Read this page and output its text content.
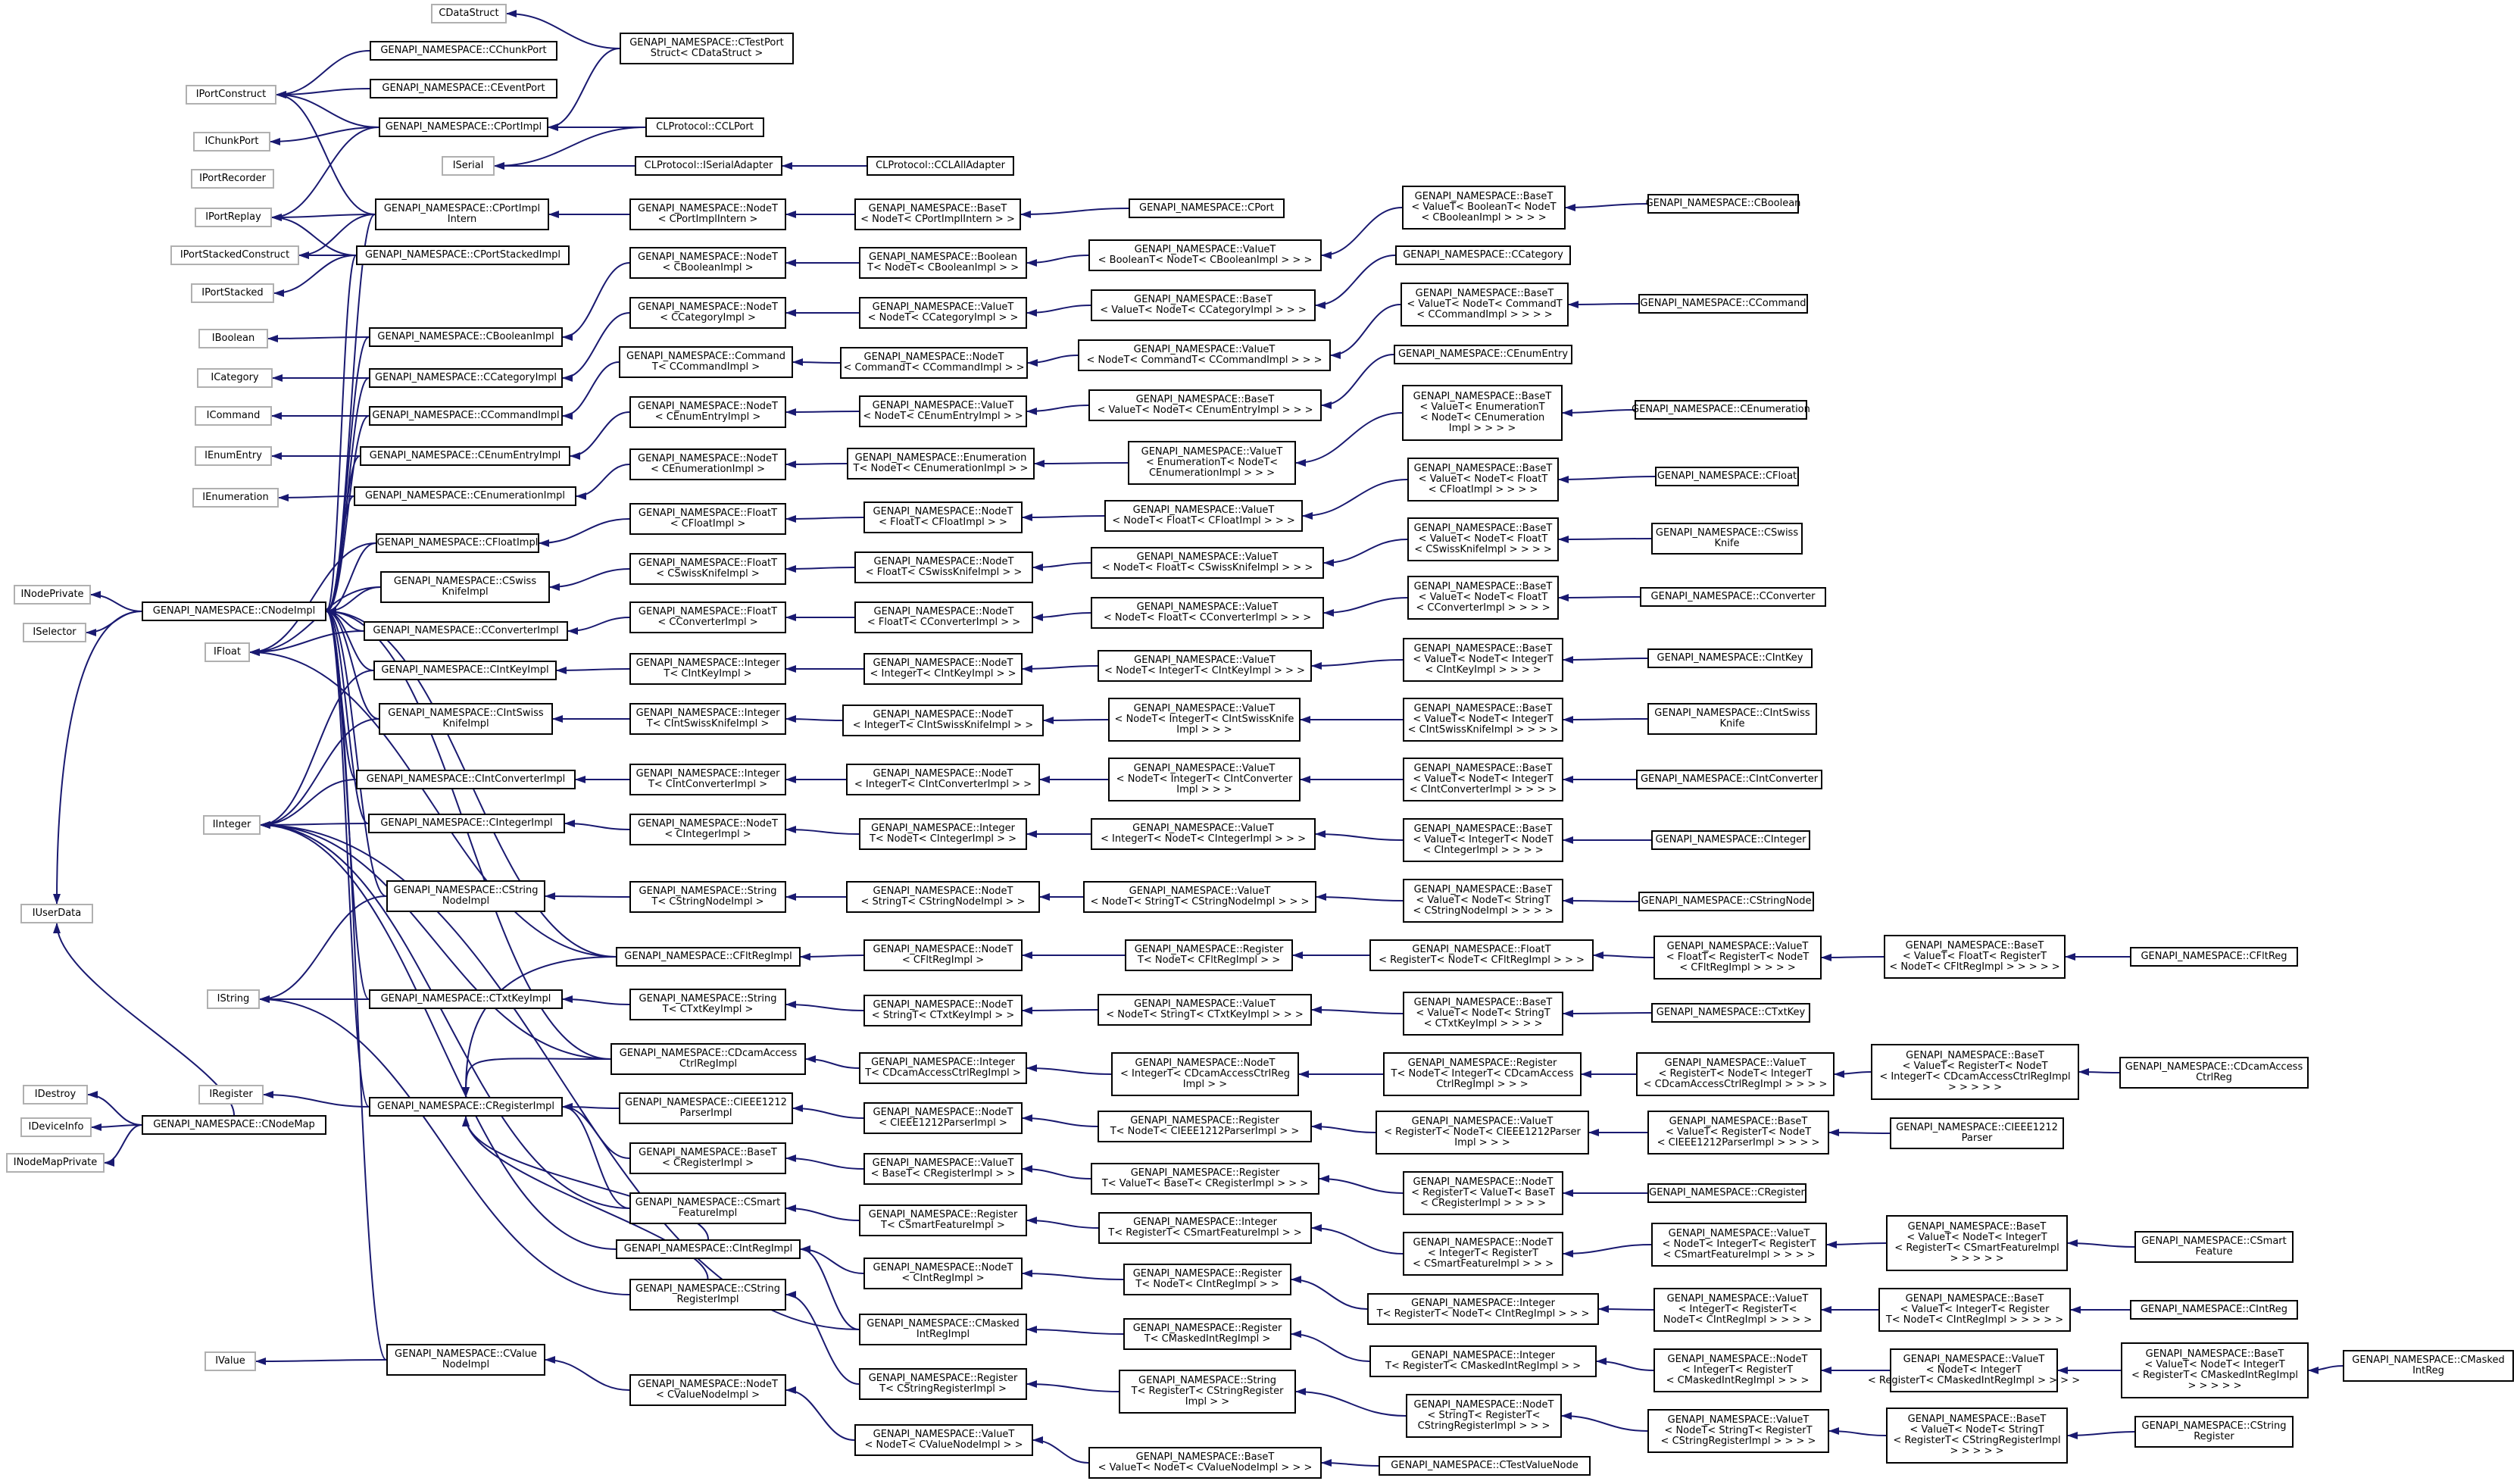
CDataStruct
GENAPI_NAMESPACE::CTestPort
Struct< CDataStruct >
GENAPI_NAMESPACE::CChunkPort
GENAPI_NAMESPACE::CEventPort
GENAPI_NAMESPACE::CPortImpl
IPortConstruct
CLProtocol::CCLPort
ISerial	CLProtocol::ISerialAdapter	CLProtocol::CCLAllAdapter
IChunkPort
IPortRecorder
IPortReplay
GENAPI_NAMESPACE::CPortImpl
Intern
IPortStackedConstruct	GENAPI_NAMESPACE::CPortStackedImpl
IPortStacked
GENAPI_NAMESPACE::NodeT
< CPortImplIntern >
GENAPI_NAMESPACE::BaseT
< NodeT< CPortImplIntern > >
GENAPI_NAMESPACE::CPort
GENAPI_NAMESPACE::BaseT
< ValueT< BooleanT< NodeT
< CBooleanImpl > > > >
GENAPI_NAMESPACE::CBoolean
GENAPI_NAMESPACE::NodeT
< CBooleanImpl >
GENAPI_NAMESPACE::Boolean
T< NodeT< CBooleanImpl > >
GENAPI_NAMESPACE::ValueT
< BooleanT< NodeT< CBooleanImpl > > >	GENAPI_NAMESPACE::CCategory
IBoolean	GENAPI_NAMESPACE::CBooleanImpl
GENAPI_NAMESPACE::NodeT
< CCategoryImpl >
GENAPI_NAMESPACE::ValueT
< NodeT< CCategoryImpl > >
GENAPI_NAMESPACE::BaseT
< ValueT< NodeT< CCategoryImpl > > >
GENAPI_NAMESPACE::BaseT
< ValueT< NodeT< CommandT
< CCommandImpl > > > >
GENAPI_NAMESPACE::CCommand
ICategory	GENAPI_NAMESPACE::CCategoryImpl
GENAPI_NAMESPACE::Command
T< CCommandImpl >
GENAPI_NAMESPACE::NodeT
< CommandT< CCommandImpl > >
GENAPI_NAMESPACE::ValueT
< NodeT< CommandT< CCommandImpl > > >
GENAPI_NAMESPACE::CEnumEntry
ICommand	GENAPI_NAMESPACE::CCommandImpl
GENAPI_NAMESPACE::NodeT
< CEnumEntryImpl >
GENAPI_NAMESPACE::ValueT
< NodeT< CEnumEntryImpl > >
GENAPI_NAMESPACE::BaseT
< ValueT< NodeT< CEnumEntryImpl > > >
GENAPI_NAMESPACE::BaseT
< ValueT< EnumerationT
< NodeT< CEnumeration
Impl > > > >
GENAPI_NAMESPACE::CEnumeration
IEnumEntry	GENAPI_NAMESPACE::CEnumEntryImpl	GENAPI_NAMESPACE::NodeT
< CEnumerationImpl >
GENAPI_NAMESPACE::Enumeration
T< NodeT< CEnumerationImpl > >
GENAPI_NAMESPACE::ValueT
< EnumerationT< NodeT<
CEnumerationImpl > > >
IEnumeration	GENAPI_NAMESPACE::CEnumerationImpl
GENAPI_NAMESPACE::BaseT
< ValueT< NodeT< FloatT
< CFloatImpl > > > >
GENAPI_NAMESPACE::CFloat
GENAPI_NAMESPACE::CFloatImpl
GENAPI_NAMESPACE::FloatT
< CFloatImpl >
GENAPI_NAMESPACE::NodeT
< FloatT< CFloatImpl > >
GENAPI_NAMESPACE::ValueT
< NodeT< FloatT< CFloatImpl > > >
GENAPI_NAMESPACE::BaseT
< ValueT< NodeT< FloatT
< CSwissKnifeImpl > > > >
GENAPI_NAMESPACE::CSwiss
Knife
INodePrivate
GENAPI_NAMESPACE::CSwiss
KnifeImpl
GENAPI_NAMESPACE::FloatT
< CSwissKnifeImpl >
GENAPI_NAMESPACE::NodeT
< FloatT< CSwissKnifeImpl > >
GENAPI_NAMESPACE::ValueT
< NodeT< FloatT< CSwissKnifeImpl > > >
GENAPI_NAMESPACE::CNodeImpl
GENAPI_NAMESPACE::BaseT
< ValueT< NodeT< FloatT
< CConverterImpl > > > >
GENAPI_NAMESPACE::CConverter
ISelector	GENAPI_NAMESPACE::CConverterImpl
GENAPI_NAMESPACE::FloatT
< CConverterImpl >
GENAPI_NAMESPACE::NodeT
< FloatT< CConverterImpl > >
GENAPI_NAMESPACE::ValueT
< NodeT< FloatT< CConverterImpl > > >
IFloat	GENAPI_NAMESPACE::BaseT
< ValueT< NodeT< IntegerT
< CIntKeyImpl > > > >
GENAPI_NAMESPACE::CIntKey
GENAPI_NAMESPACE::CIntKeyImpl
GENAPI_NAMESPACE::Integer
T< CIntKeyImpl >
GENAPI_NAMESPACE::NodeT
< IntegerT< CIntKeyImpl > >
GENAPI_NAMESPACE::ValueT
< NodeT< IntegerT< CIntKeyImpl > > >
GENAPI_NAMESPACE::CIntSwiss
KnifeImpl
GENAPI_NAMESPACE::Integer
T< CIntSwissKnifeImpl >
GENAPI_NAMESPACE::NodeT
< IntegerT< CIntSwissKnifeImpl > >
GENAPI_NAMESPACE::ValueT
< NodeT< IntegerT< CIntSwissKnife
Impl > > >
GENAPI_NAMESPACE::BaseT
< ValueT< NodeT< IntegerT
< CIntSwissKnifeImpl > > > >
GENAPI_NAMESPACE::CIntSwiss
Knife
GENAPI_NAMESPACE::CIntConverterImpl	GENAPI_NAMESPACE::Integer
T< CIntConverterImpl >
GENAPI_NAMESPACE::NodeT
< IntegerT< CIntConverterImpl > >
GENAPI_NAMESPACE::ValueT
< NodeT< IntegerT< CIntConverter
Impl > > >
GENAPI_NAMESPACE::BaseT
< ValueT< NodeT< IntegerT
< CIntConverterImpl > > > >
GENAPI_NAMESPACE::CIntConverter
IInteger	GENAPI_NAMESPACE::CIntegerImpl	GENAPI_NAMESPACE::NodeT
< CIntegerImpl >
GENAPI_NAMESPACE::Integer
T< NodeT< CIntegerImpl > >
GENAPI_NAMESPACE::ValueT
< IntegerT< NodeT< CIntegerImpl > > >
GENAPI_NAMESPACE::BaseT
< ValueT< IntegerT< NodeT
< CIntegerImpl > > > >
GENAPI_NAMESPACE::CInteger
GENAPI_NAMESPACE::CString
NodeImpl
GENAPI_NAMESPACE::String
T< CStringNodeImpl >
GENAPI_NAMESPACE::NodeT
< StringT< CStringNodeImpl > >
GENAPI_NAMESPACE::ValueT
< NodeT< StringT< CStringNodeImpl > > >
GENAPI_NAMESPACE::BaseT
< ValueT< NodeT< StringT
< CStringNodeImpl > > > >
GENAPI_NAMESPACE::CStringNode
IUserData
GENAPI_NAMESPACE::CFltRegImpl
GENAPI_NAMESPACE::NodeT
< CFltRegImpl >
GENAPI_NAMESPACE::Register
T< NodeT< CFltRegImpl > >
GENAPI_NAMESPACE::FloatT
< RegisterT< NodeT< CFltRegImpl > > >
GENAPI_NAMESPACE::ValueT
< FloatT< RegisterT< NodeT
< CFltRegImpl > > > >
GENAPI_NAMESPACE::BaseT
< ValueT< FloatT< RegisterT
< NodeT< CFltRegImpl > > > > >
GENAPI_NAMESPACE::CFltReg
IString	GENAPI_NAMESPACE::CTxtKeyImpl	GENAPI_NAMESPACE::String
T< CTxtKeyImpl >	GENAPI_NAMESPACE::NodeT
< StringT< CTxtKeyImpl > >
GENAPI_NAMESPACE::ValueT
< NodeT< StringT< CTxtKeyImpl > > >
GENAPI_NAMESPACE::BaseT
< ValueT< NodeT< StringT
< CTxtKeyImpl > > > >
GENAPI_NAMESPACE::CTxtKey
GENAPI_NAMESPACE::CDcamAccess
CtrlRegImpl	GENAPI_NAMESPACE::Integer
T< CDcamAccessCtrlRegImpl >
GENAPI_NAMESPACE::NodeT
< IntegerT< CDcamAccessCtrlReg
Impl > >
GENAPI_NAMESPACE::Register
T< NodeT< IntegerT< CDcamAccess
CtrlRegImpl > > >
GENAPI_NAMESPACE::ValueT
< RegisterT< NodeT< IntegerT
< CDcamAccessCtrlRegImpl > > > >
GENAPI_NAMESPACE::BaseT
< ValueT< RegisterT< NodeT
< IntegerT< CDcamAccessCtrlRegImpl
> > > > >
GENAPI_NAMESPACE::CDcamAccess
CtrlReg
IDestroy	IRegister
GENAPI_NAMESPACE::CRegisterImpl	GENAPI_NAMESPACE::CIEEE1212
ParserImpl	GENAPI_NAMESPACE::NodeT
< CIEEE1212ParserImpl >	GENAPI_NAMESPACE::Register
T< NodeT< CIEEE1212ParserImpl > >
GENAPI_NAMESPACE::ValueT
< RegisterT< NodeT< CIEEE1212Parser
Impl > > >
GENAPI_NAMESPACE::BaseT
< ValueT< RegisterT< NodeT
< CIEEE1212ParserImpl > > > >
GENAPI_NAMESPACE::CIEEE1212
Parser
IDeviceInfo	GENAPI_NAMESPACE::CNodeMap
INodeMapPrivate
GENAPI_NAMESPACE::BaseT
< CRegisterImpl >	GENAPI_NAMESPACE::ValueT
< BaseT< CRegisterImpl > >	GENAPI_NAMESPACE::Register
T< ValueT< BaseT< CRegisterImpl > > >	GENAPI_NAMESPACE::NodeT
< RegisterT< ValueT< BaseT
< CRegisterImpl > > > >
GENAPI_NAMESPACE::CRegister
GENAPI_NAMESPACE::CSmart
FeatureImpl	GENAPI_NAMESPACE::Register
T< CSmartFeatureImpl >	GENAPI_NAMESPACE::Integer
T< RegisterT< CSmartFeatureImpl > >
GENAPI_NAMESPACE::NodeT
< IntegerT< RegisterT
< CSmartFeatureImpl > > >
GENAPI_NAMESPACE::ValueT
< NodeT< IntegerT< RegisterT
< CSmartFeatureImpl > > > >
GENAPI_NAMESPACE::BaseT
< ValueT< NodeT< IntegerT
< RegisterT< CSmartFeatureImpl
> > > > >
GENAPI_NAMESPACE::CSmart
Feature
GENAPI_NAMESPACE::CIntRegImpl
GENAPI_NAMESPACE::NodeT
< CIntRegImpl >	GENAPI_NAMESPACE::Register
T< NodeT< CIntRegImpl > >
GENAPI_NAMESPACE::Integer
T< RegisterT< NodeT< CIntRegImpl > > >
GENAPI_NAMESPACE::ValueT
< IntegerT< RegisterT<
NodeT< CIntRegImpl > > > >
GENAPI_NAMESPACE::BaseT
< ValueT< IntegerT< Register
T< NodeT< CIntRegImpl > > > > >
GENAPI_NAMESPACE::CIntReg
GENAPI_NAMESPACE::CString
RegisterImpl
GENAPI_NAMESPACE::CMasked
IntRegImpl
GENAPI_NAMESPACE::Register
T< CMaskedIntRegImpl >
GENAPI_NAMESPACE::Integer
T< RegisterT< CMaskedIntRegImpl > >
GENAPI_NAMESPACE::NodeT
< IntegerT< RegisterT
< CMaskedIntRegImpl > > >
GENAPI_NAMESPACE::ValueT
< NodeT< IntegerT
< RegisterT< CMaskedIntRegImpl > > > >
GENAPI_NAMESPACE::BaseT
< ValueT< NodeT< IntegerT
< RegisterT< CMaskedIntRegImpl
> > > > >
GENAPI_NAMESPACE::CMasked
IntReg
IValue
GENAPI_NAMESPACE::CValue
NodeImpl
GENAPI_NAMESPACE::NodeT
< CValueNodeImpl >
GENAPI_NAMESPACE::Register
T< CStringRegisterImpl >
GENAPI_NAMESPACE::String
T< RegisterT< CStringRegister
Impl > >	GENAPI_NAMESPACE::NodeT
< StringT< RegisterT<
CStringRegisterImpl > > >
GENAPI_NAMESPACE::ValueT
< NodeT< StringT< RegisterT
< CStringRegisterImpl > > > >
GENAPI_NAMESPACE::BaseT
< ValueT< NodeT< StringT
< RegisterT< CStringRegisterImpl
> > > > >
GENAPI_NAMESPACE::CString
Register
GENAPI_NAMESPACE::ValueT
< NodeT< CValueNodeImpl > >
GENAPI_NAMESPACE::BaseT
< ValueT< NodeT< CValueNodeImpl > > >	GENAPI_NAMESPACE::CTestValueNode
